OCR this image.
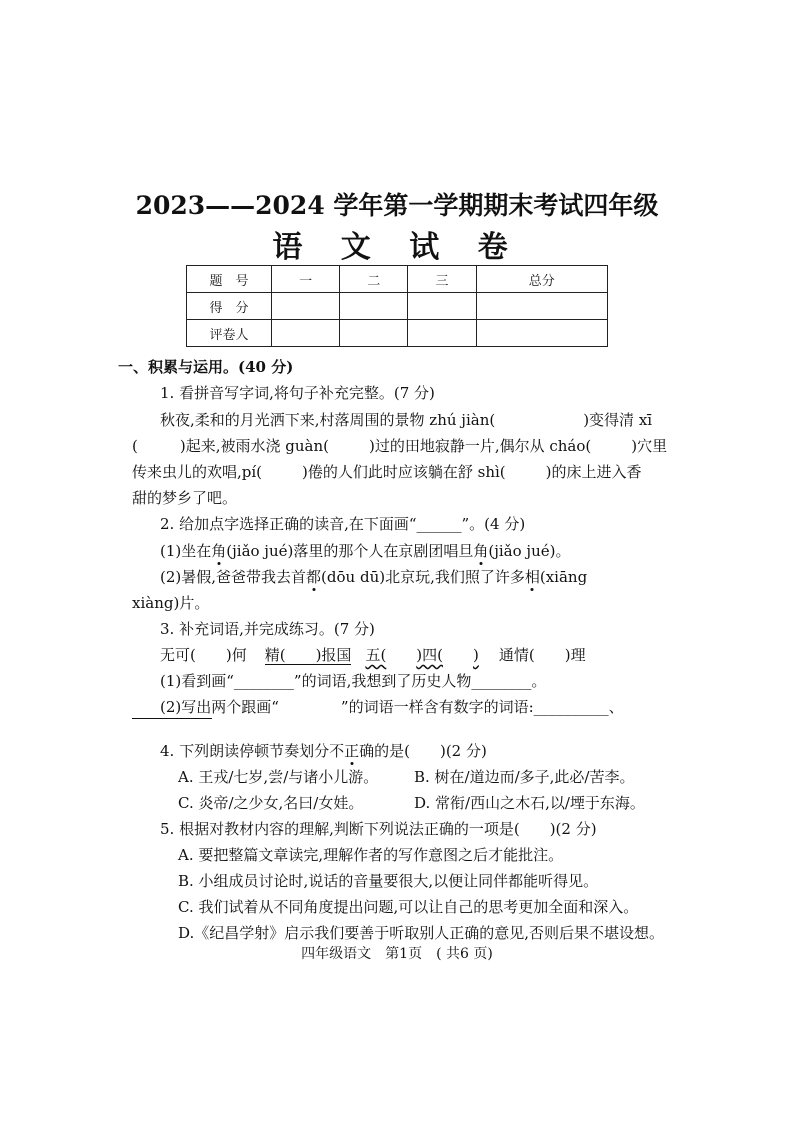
2023——2024 学年第一学期期末考试四年级
语 文 试 卷
题　号	一	二	三	总分
得　分				
评卷人				
一、积累与运用。(40 分)
1. 看拼音写字词,将句子补充完整。(7 分)
秋夜,柔和的月光洒下来,村落周围的景物 zhú jiàn(	)变得清 xī
(	)起来,被雨水浇 guàn(	)过的田地寂静一片,偶尔从 cháo(	)穴里
传来虫儿的欢唱,pí(	)倦的人们此时应该躺在舒 shì(	)的床上进入香
甜的梦乡了吧。
2. 给加点字选择正确的读音,在下面画“______”。(4 分)
(1)坐在角(jiǎo jué)落里的那个人在京剧团唱旦角(jiǎo jué)。
(2)暑假,爸爸带我去首都(dōu dū)北京玩,我们照了许多相(xiāng
xiàng)片。
3. 补充词语,并完成练习。(7 分)
无可( )何 精( )报国 五( )四( ) 通情( )理
(1)看到画“________”的词语,我想到了历史人物________。
(2)写出两个跟画“	”的词语一样含有数字的词语:__________、
4. 下列朗读停顿节奏划分不正确的是(　　)(2 分)
A. 王戎/七岁,尝/与诸小儿游。 B. 树在/道边而/多子,此必/苦李。
C. 炎帝/之少女,名曰/女娃。	D. 常衔/西山之木石,以/堙于东海。
5. 根据对教材内容的理解,判断下列说法正确的一项是(　　)(2 分)
A. 要把整篇文章读完,理解作者的写作意图之后才能批注。
B. 小组成员讨论时,说话的音量要很大,以便让同伴都能听得见。
C. 我们试着从不同角度提出问题,可以让自己的思考更加全面和深入。
D.《纪昌学射》启示我们要善于听取别人正确的意见,否则后果不堪设想。
四年级语文　第1页　( 共6 页)
